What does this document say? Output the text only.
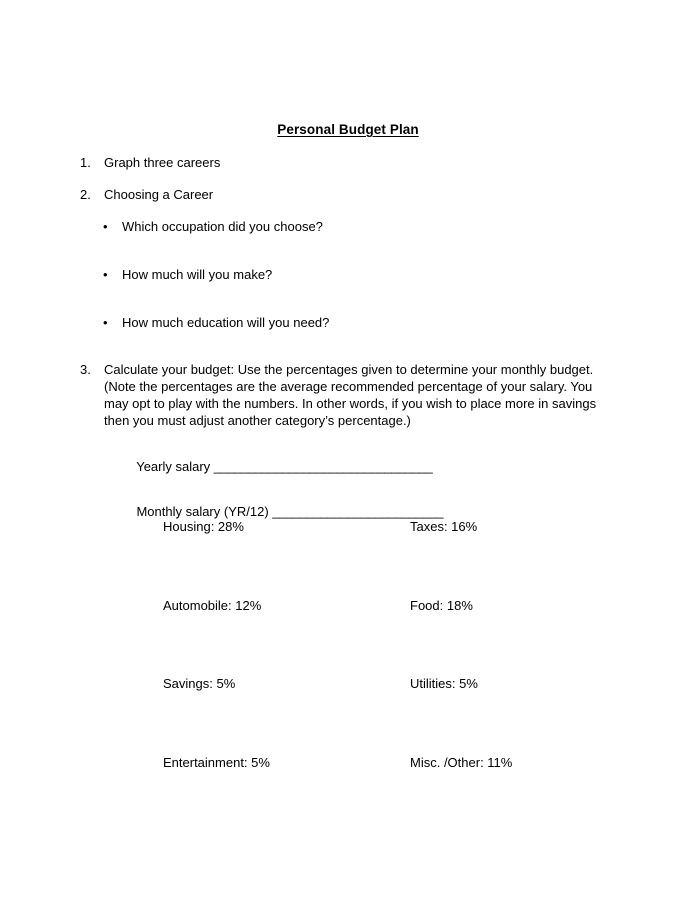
Personal Budget Plan
1.	Graph three careers
2.	Choosing a Career
•	Which occupation did you choose?
•	How much will you make?
•	How much education will you need?
3.	Calculate your budget: Use the percentages given to determine your monthly budget. (Note the percentages are the average recommended percentage of your salary. You may opt to play with the numbers. In other words, if you wish to place more in savings then you must adjust another category’s percentage.)

Yearly salary ________________________________

Monthly salary (YR/12) _________________________

Housing: 28%	Taxes: 16%
Automobile: 12%	Food: 18%
Savings: 5%	Utilities: 5%
Entertainment: 5%	Misc. /Other: 11%
